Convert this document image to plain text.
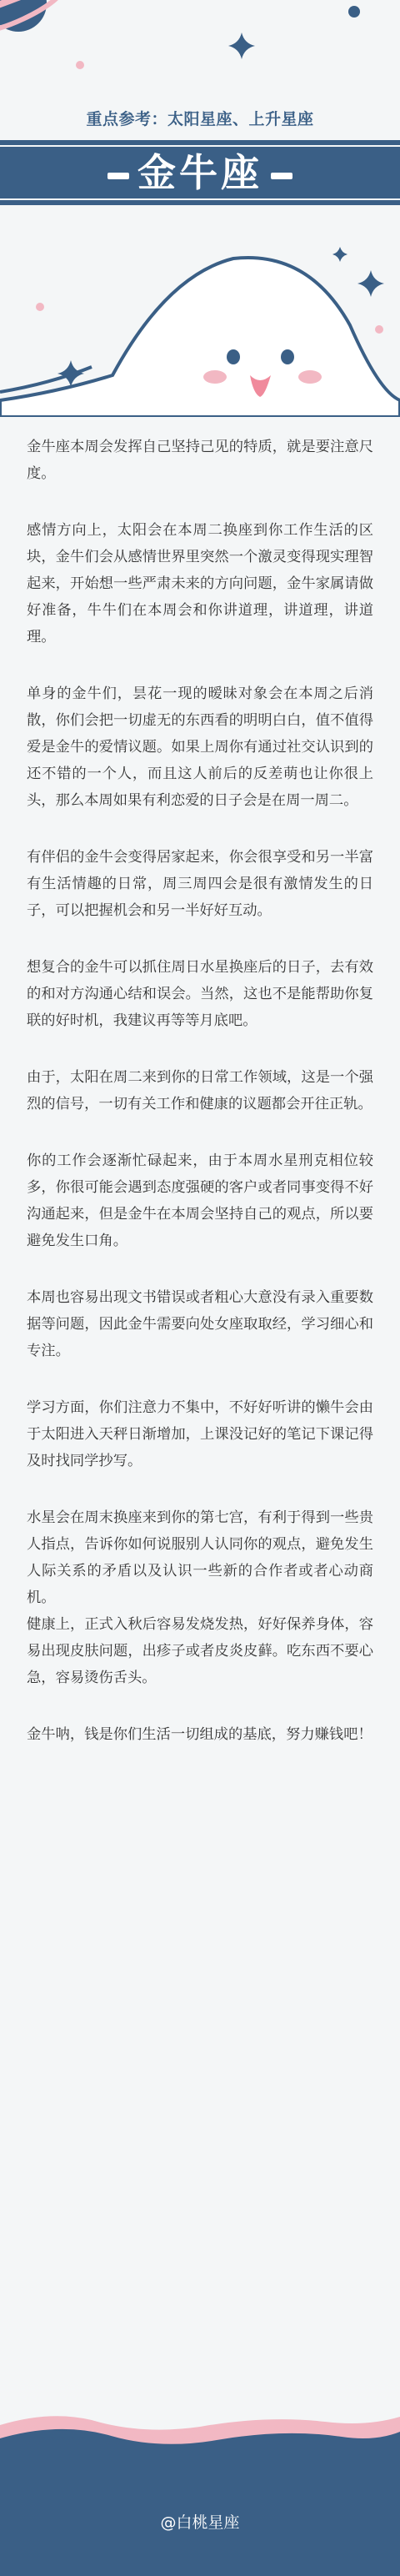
重点参考：太阳星座、上升星座
金牛座

金牛座本周会发挥自己坚持己见的特质，就是要注意尺度。

感情方向上，太阳会在本周二换座到你工作生活的区块，金牛们会从感情世界里突然一个激灵变得现实理智起来，开始想一些严肃未来的方向问题，金牛家属请做好准备，牛牛们在本周会和你讲道理，讲道理，讲道理。

单身的金牛们，昙花一现的暧昧对象会在本周之后消散，你们会把一切虚无的东西看的明明白白，值不值得爱是金牛的爱情议题。如果上周你有通过社交认识到的还不错的一个人，而且这人前后的反差萌也让你很上头，那么本周如果有利恋爱的日子会是在周一周二。

有伴侣的金牛会变得居家起来，你会很享受和另一半富有生活情趣的日常，周三周四会是很有激情发生的日子，可以把握机会和另一半好好互动。

想复合的金牛可以抓住周日水星换座后的日子，去有效的和对方沟通心结和误会。当然，这也不是能帮助你复联的好时机，我建议再等等月底吧。

由于，太阳在周二来到你的日常工作领域，这是一个强烈的信号，一切有关工作和健康的议题都会开往正轨。

你的工作会逐渐忙碌起来，由于本周水星刑克相位较多，你很可能会遇到态度强硬的客户或者同事变得不好沟通起来，但是金牛在本周会坚持自己的观点，所以要避免发生口角。

本周也容易出现文书错误或者粗心大意没有录入重要数据等问题，因此金牛需要向处女座取取经，学习细心和专注。

学习方面，你们注意力不集中，不好好听讲的懒牛会由于太阳进入天秤日渐增加，上课没记好的笔记下课记得及时找同学抄写。

水星会在周末换座来到你的第七宫，有利于得到一些贵人指点，告诉你如何说服别人认同你的观点，避免发生人际关系的矛盾以及认识一些新的合作者或者心动商机。

健康上，正式入秋后容易发烧发热，好好保养身体，容易出现皮肤问题，出疹子或者皮炎皮藓。吃东西不要心急，容易烫伤舌头。

金牛呐，钱是你们生活一切组成的基底，努力赚钱吧！

@白桃星座
